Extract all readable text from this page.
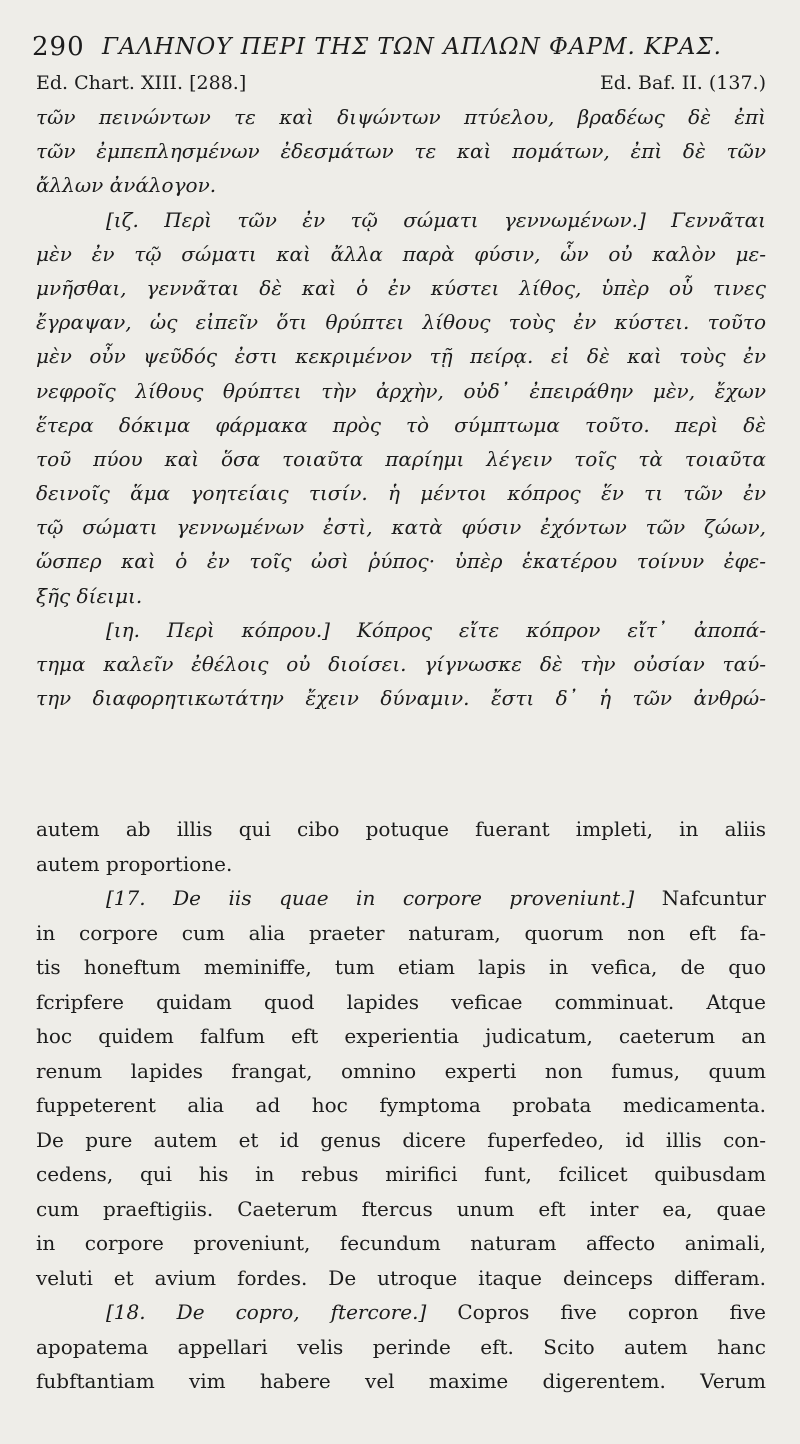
290 ΓΑΛΗΝΟΥ ΠΕΡΙ ΤΗΣ ΤΩΝ ΑΠΛΩΝ ΦΑΡΜ. ΚΡΑΣ.
Ed. Chart. XIII. [288.]	Ed. Baf. II. (137.)
τῶν πεινώντων τε καὶ διψώντων πτύελου, βραδέως δὲ ἐπὶ
τῶν ἐμπεπλησμένων ἐδεσμάτων τε καὶ πομάτων, ἐπὶ δὲ τῶν
ἄλλων ἀνάλογον.
[ιζ. Περὶ τῶν ἐν τῷ σώματι γεννωμένων.] Γεννᾶται
μὲν ἐν τῷ σώματι καὶ ἄλλα παρὰ φύσιν, ὧν οὐ καλὸν με-
μνῆσθαι, γεννᾶται δὲ καὶ ὁ ἐν κύστει λίθος, ὑπὲρ οὗ τινες
ἔγραψαν, ὡς εἰπεῖν ὅτι θρύπτει λίθους τοὺς ἐν κύστει. τοῦτο
μὲν οὖν ψεῦδός ἐστι κεκριμένον τῇ πείρᾳ. εἰ δὲ καὶ τοὺς ἐν
νεφροῖς λίθους θρύπτει τὴν ἀρχὴν, οὐδ᾽ ἐπειράθην μὲν, ἔχων
ἕτερα δόκιμα φάρμακα πρὸς τὸ σύμπτωμα τοῦτο. περὶ δὲ
τοῦ πύου καὶ ὅσα τοιαῦτα παρίημι λέγειν τοῖς τὰ τοιαῦτα
δεινοῖς ἅμα γοητείαις τισίν. ἡ μέντοι κόπρος ἕν τι τῶν ἐν
τῷ σώματι γεννωμένων ἐστὶ, κατὰ φύσιν ἐχόντων τῶν ζώων,
ὥσπερ καὶ ὁ ἐν τοῖς ὠσὶ ῥύπος· ὑπὲρ ἑκατέρου τοίνυν ἐφε-
ξῆς δίειμι.
[ιη. Περὶ κόπρου.] Κόπρος εἴτε κόπρον εἴτ᾽ ἀποπά-
τημα καλεῖν ἐθέλοις οὐ διοίσει. γίγνωσκε δὲ τὴν οὐσίαν ταύ-
την διαφορητικωτάτην ἔχειν δύναμιν. ἔστι δ᾽ ἡ τῶν ἀνθρώ-
autem ab illis qui cibo potuque fuerant impleti, in aliis
autem proportione.
[17. De iis quae in corpore proveniunt.] Nafcuntur
in corpore cum alia praeter naturam, quorum non eft fa-
tis honeftum meminiffe, tum etiam lapis in vefica, de quo
fcripfere quidam quod lapides veficae comminuat. Atque
hoc quidem falfum eft experientia judicatum, caeterum an
renum lapides frangat, omnino experti non fumus, quum
fuppeterent alia ad hoc fymptoma probata medicamenta.
De pure autem et id genus dicere fuperfedeo, id illis con-
cedens, qui his in rebus mirifici funt, fcilicet quibusdam
cum praeftigiis. Caeterum ftercus unum eft inter ea, quae
in corpore proveniunt, fecundum naturam affecto animali,
veluti et avium fordes. De utroque itaque deinceps differam.
[18. De copro, ftercore.] Copros five copron five
apopatema appellari velis perinde eft. Scito autem hanc
fubftantiam vim habere vel maxime digerentem. Verum
